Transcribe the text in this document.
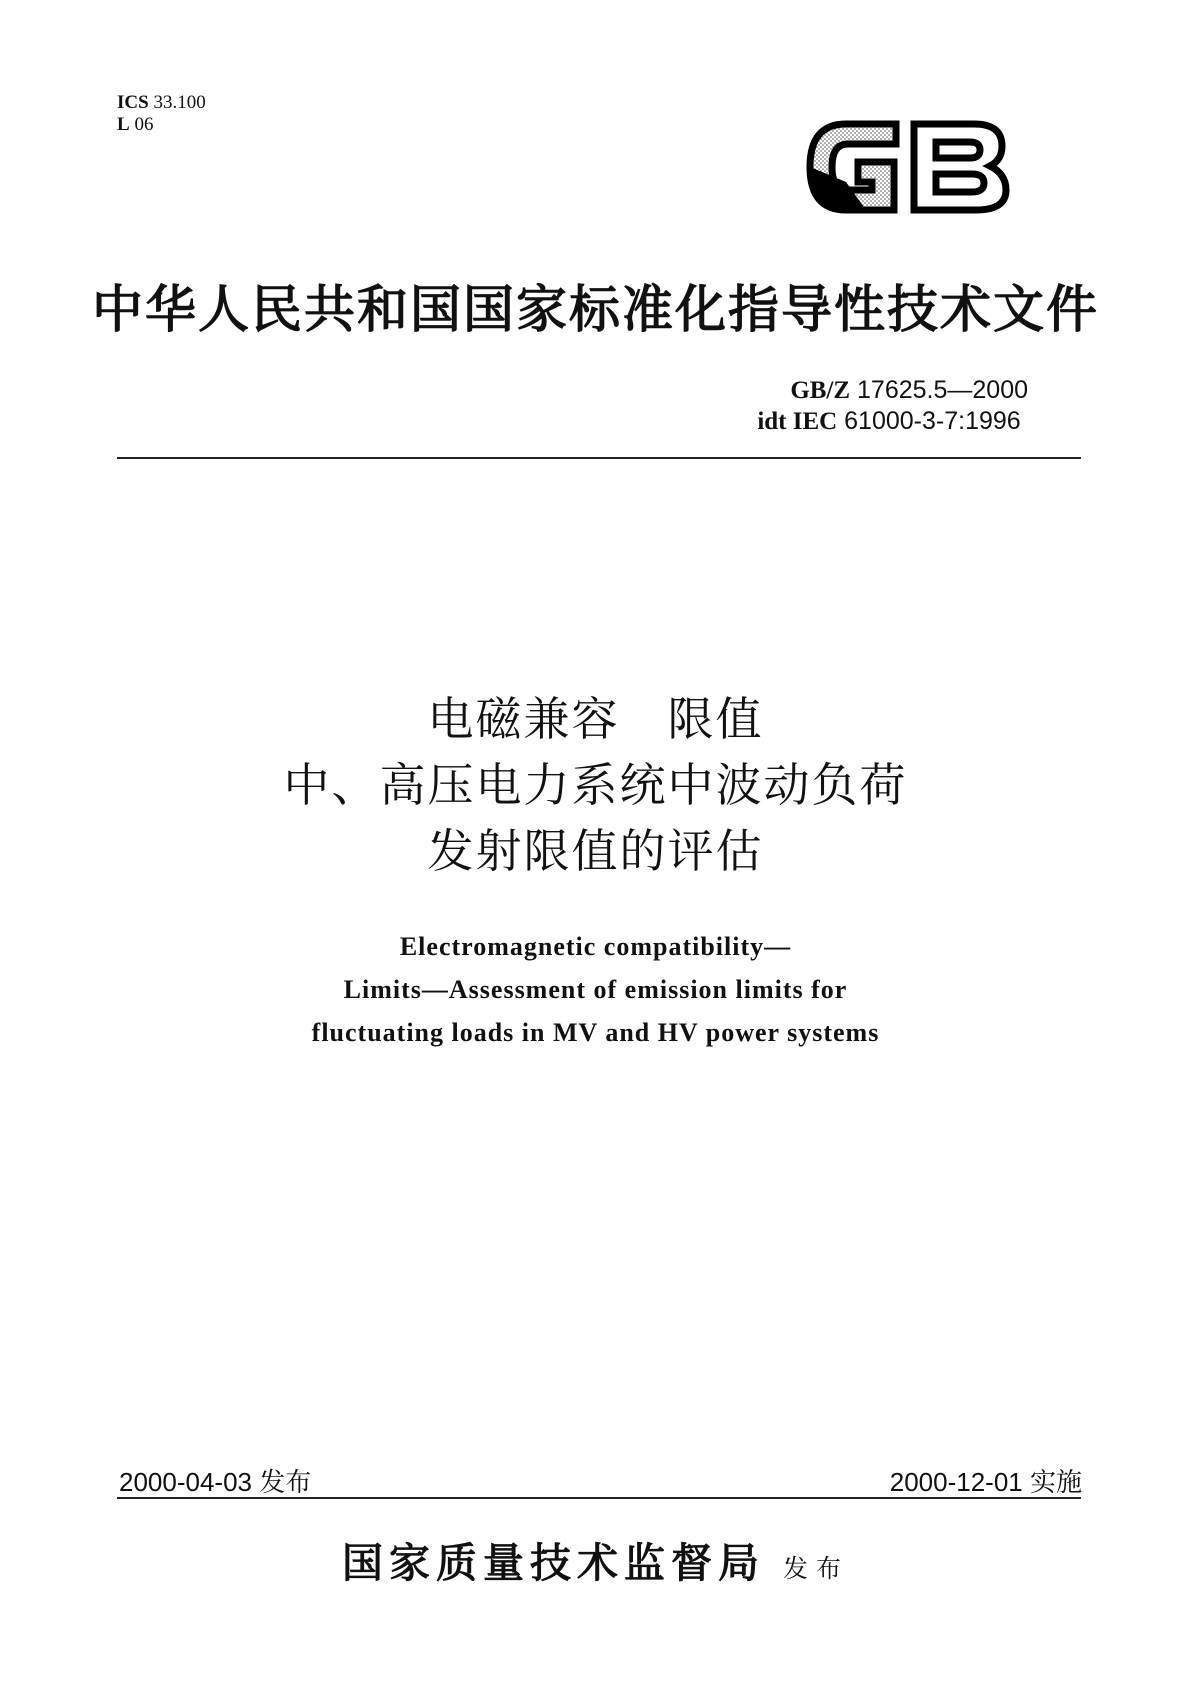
ICS 33.100
L 06
GB
中华人民共和国国家标准化指导性技术文件
GB/Z 17625.5—2000
idt IEC 61000-3-7:1996
电磁兼容　限值
中、高压电力系统中波动负荷
发射限值的评估
Electromagnetic compatibility—
Limits—Assessment of emission limits for
fluctuating loads in MV and HV power systems
2000-04-03 发布	2000-12-01 实施
国家质量技术监督局 发布
